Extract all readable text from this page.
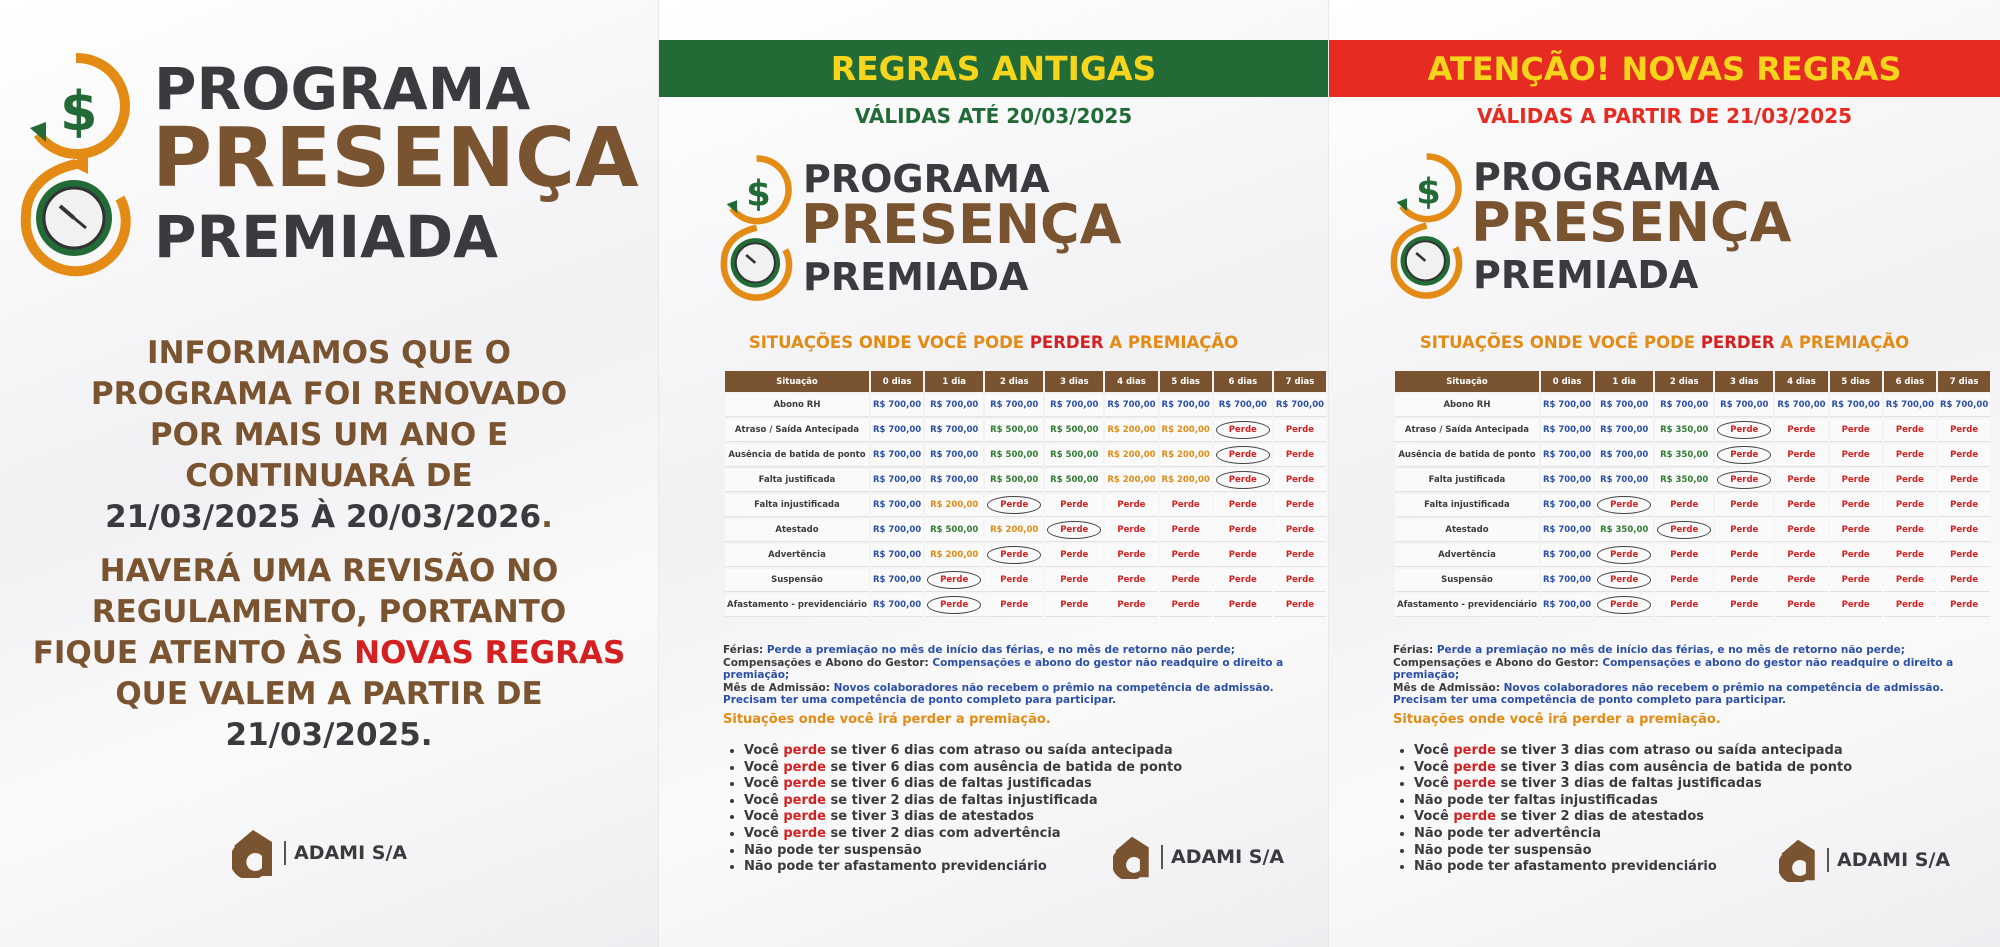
$ PROGRAMA
PRESENÇA
PREMIADA
INFORMAMOS QUE O
PROGRAMA FOI RENOVADO
POR MAIS UM ANO E
CONTINUARÁ DE
21/03/2025 À 20/03/2026.
HAVERÁ UMA REVISÃO NO
REGULAMENTO, PORTANTO
FIQUE ATENTO ÀS NOVAS REGRAS
QUE VALEM A PARTIR DE
21/03/2025.
ADAMI S/A
REGRAS ANTIGAS
VÁLIDAS ATÉ 20/03/2025
$ PROGRAMA
PRESENÇA
PREMIADA
SITUAÇÕES ONDE VOCÊ PODE PERDER A PREMIAÇÃO
Situação	0 dias	1 dia	2 dias	3 dias	4 dias	5 dias	6 dias	7 dias
Abono RH	R$ 700,00	R$ 700,00	R$ 700,00	R$ 700,00	R$ 700,00	R$ 700,00	R$ 700,00	R$ 700,00
Atraso / Saída Antecipada	R$ 700,00	R$ 700,00	R$ 500,00	R$ 500,00	R$ 200,00	R$ 200,00	Perde	Perde
Ausência de batida de ponto	R$ 700,00	R$ 700,00	R$ 500,00	R$ 500,00	R$ 200,00	R$ 200,00	Perde	Perde
Falta justificada	R$ 700,00	R$ 700,00	R$ 500,00	R$ 500,00	R$ 200,00	R$ 200,00	Perde	Perde
Falta injustificada	R$ 700,00	R$ 200,00	Perde	Perde	Perde	Perde	Perde	Perde
Atestado	R$ 700,00	R$ 500,00	R$ 200,00	Perde	Perde	Perde	Perde	Perde
Advertência	R$ 700,00	R$ 200,00	Perde	Perde	Perde	Perde	Perde	Perde
Suspensão	R$ 700,00	Perde	Perde	Perde	Perde	Perde	Perde	Perde
Afastamento - previdenciário	R$ 700,00	Perde	Perde	Perde	Perde	Perde	Perde	Perde
Férias: Perde a premiação no mês de início das férias, e no mês de retorno não perde;
Compensações e Abono do Gestor: Compensações e abono do gestor não readquire o direito a premiação;
Mês de Admissão: Novos colaboradores não recebem o prêmio na competência de admissão. Precisam ter uma competência de ponto completo para participar.
Situações onde você irá perder a premiação.
• Você perde se tiver 6 dias com atraso ou saída antecipada
• Você perde se tiver 6 dias com ausência de batida de ponto
• Você perde se tiver 6 dias de faltas justificadas
• Você perde se tiver 2 dias de faltas injustificada
• Você perde se tiver 3 dias de atestados
• Você perde se tiver 2 dias com advertência
• Não pode ter suspensão
• Não pode ter afastamento previdenciário	ADAMI S/A
ATENÇÃO! NOVAS REGRAS
VÁLIDAS A PARTIR DE 21/03/2025
$ PROGRAMA
PRESENÇA
PREMIADA
SITUAÇÕES ONDE VOCÊ PODE PERDER A PREMIAÇÃO
Situação	0 dias	1 dia	2 dias	3 dias	4 dias	5 dias	6 dias	7 dias
Abono RH	R$ 700,00	R$ 700,00	R$ 700,00	R$ 700,00	R$ 700,00	R$ 700,00	R$ 700,00	R$ 700,00
Atraso / Saída Antecipada	R$ 700,00	R$ 700,00	R$ 350,00	Perde	Perde	Perde	Perde	Perde
Ausência de batida de ponto	R$ 700,00	R$ 700,00	R$ 350,00	Perde	Perde	Perde	Perde	Perde
Falta justificada	R$ 700,00	R$ 700,00	R$ 350,00	Perde	Perde	Perde	Perde	Perde
Falta injustificada	R$ 700,00	Perde	Perde	Perde	Perde	Perde	Perde	Perde
Atestado	R$ 700,00	R$ 350,00	Perde	Perde	Perde	Perde	Perde	Perde
Advertência	R$ 700,00	Perde	Perde	Perde	Perde	Perde	Perde	Perde
Suspensão	R$ 700,00	Perde	Perde	Perde	Perde	Perde	Perde	Perde
Afastamento - previdenciário	R$ 700,00	Perde	Perde	Perde	Perde	Perde	Perde	Perde
Férias: Perde a premiação no mês de início das férias, e no mês de retorno não perde;
Compensações e Abono do Gestor: Compensações e abono do gestor não readquire o direito a premiação;
Mês de Admissão: Novos colaboradores não recebem o prêmio na competência de admissão. Precisam ter uma competência de ponto completo para participar.
Situações onde você irá perder a premiação.
• Você perde se tiver 3 dias com atraso ou saída antecipada
• Você perde se tiver 3 dias com ausência de batida de ponto
• Você perde se tiver 3 dias de faltas justificadas
• Não pode ter faltas injustificadas
• Você perde se tiver 2 dias de atestados
• Não pode ter advertência
• Não pode ter suspensão
• Não pode ter afastamento previdenciário	ADAMI S/A
